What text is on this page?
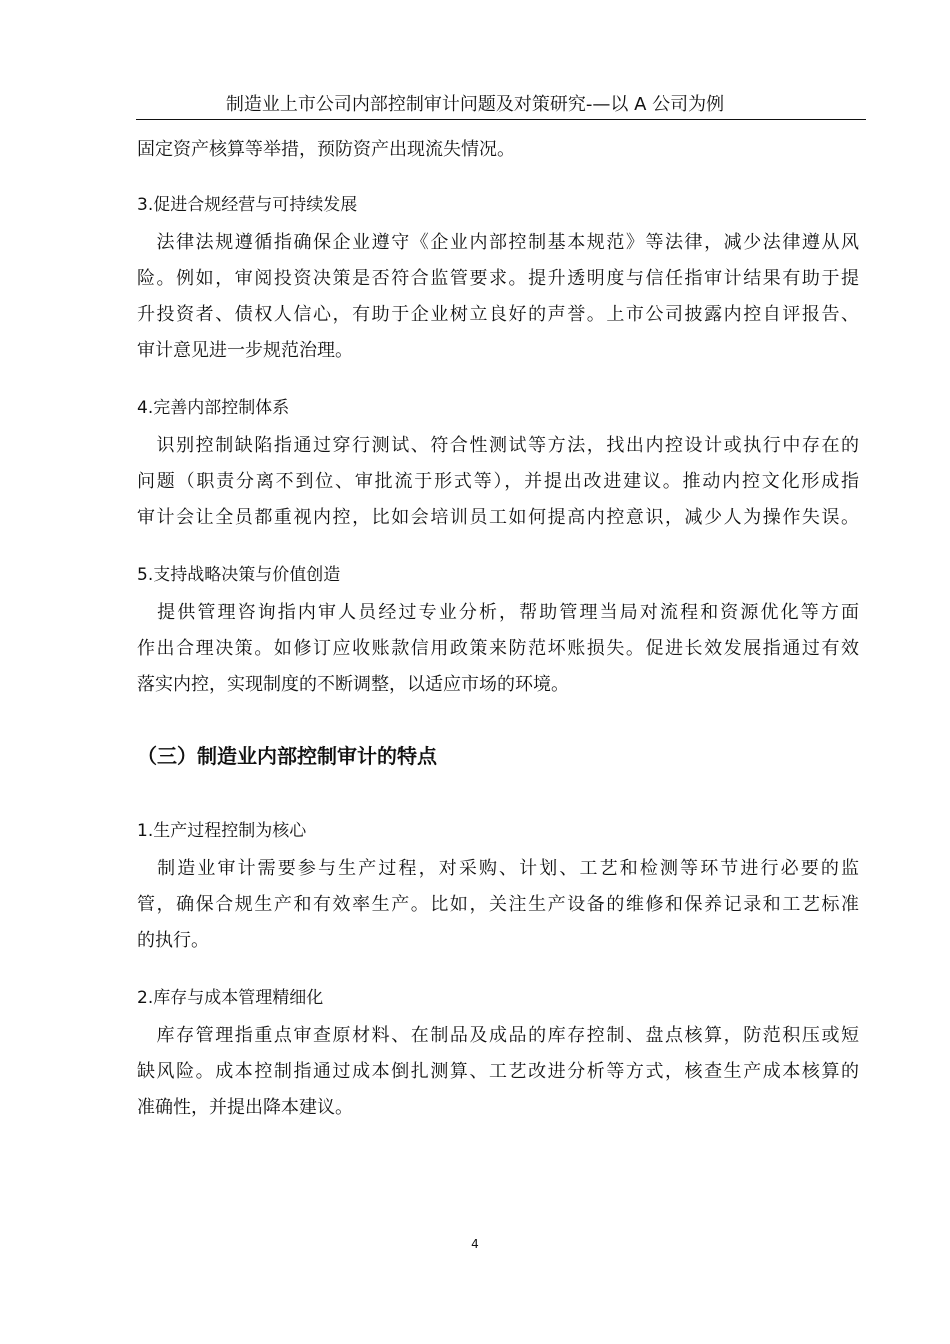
制造业上市公司内部控制审计问题及对策研究-—以 A 公司为例
固定资产核算等举措，预防资产出现流失情况。
3.促进合规经营与可持续发展
　法律法规遵循指确保企业遵守《企业内部控制基本规范》等法律，减少法律遵从风
险。例如，审阅投资决策是否符合监管要求。提升透明度与信任指审计结果有助于提
升投资者、债权人信心，有助于企业树立良好的声誉。上市公司披露内控自评报告、
审计意见进一步规范治理。
4.完善内部控制体系
　识别控制缺陷指通过穿行测试、符合性测试等方法，找出内控设计或执行中存在的
问题（职责分离不到位、审批流于形式等），并提出改进建议。推动内控文化形成指
审计会让全员都重视内控，比如会培训员工如何提高内控意识，减少人为操作失误。
5.支持战略决策与价值创造
　提供管理咨询指内审人员经过专业分析，帮助管理当局对流程和资源优化等方面
作出合理决策。如修订应收账款信用政策来防范坏账损失。促进长效发展指通过有效
落实内控，实现制度的不断调整，以适应市场的环境。
（三）制造业内部控制审计的特点
1.生产过程控制为核心
　制造业审计需要参与生产过程，对采购、计划、工艺和检测等环节进行必要的监
管，确保合规生产和有效率生产。比如，关注生产设备的维修和保养记录和工艺标准
的执行。
2.库存与成本管理精细化
　库存管理指重点审查原材料、在制品及成品的库存控制、盘点核算，防范积压或短
缺风险。成本控制指通过成本倒扎测算、工艺改进分析等方式，核查生产成本核算的
准确性，并提出降本建议。
4
